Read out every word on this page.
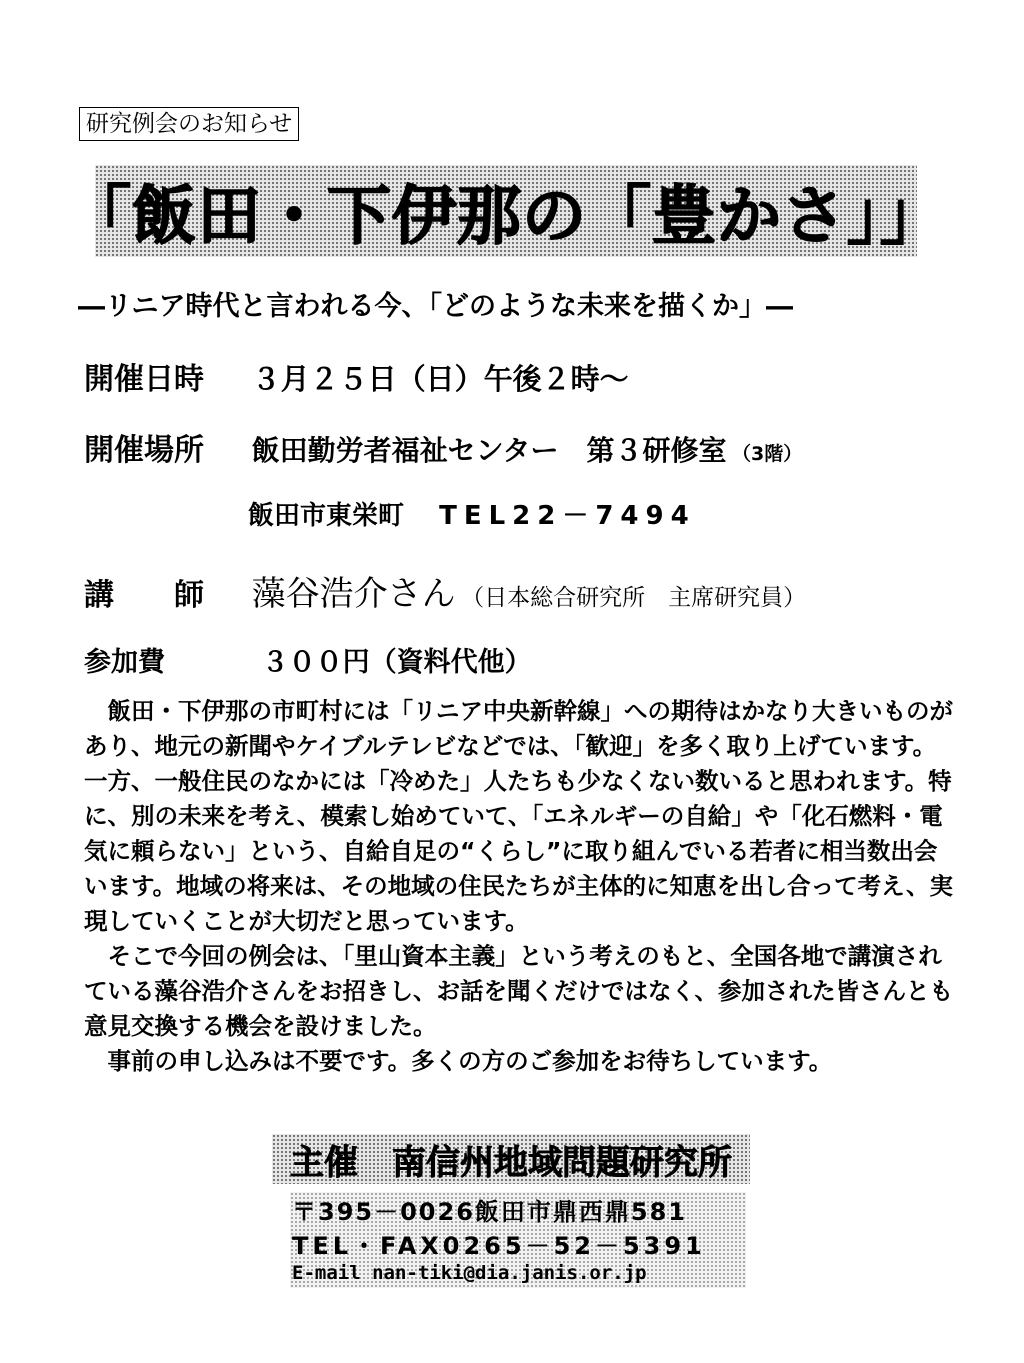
研究例会のお知らせ
「飯田・下伊那の「豊かさ」」
―リニア時代と言われる今、「どのような未来を描くか」―
開催日時 ３月２５日（日）午後２時～
開催場所 飯田勤労者福祉センター　第３研修室 （3階）
飯田市東栄町 TEL22－7494
講　　師 藻谷浩介さん （日本総合研究所　主席研究員）
参加費	３００円（資料代他）

飯田・下伊那の市町村には「リニア中央新幹線」への期待はかなり大きいものがあり、地元の新聞やケイブルテレビなどでは、「歓迎」を多く取り上げています。一方、一般住民のなかには「冷めた」人たちも少なくない数いると思われます。特に、別の未来を考え、模索し始めていて、「エネルギーの自給」や「化石燃料・電気に頼らない」という、自給自足の“くらし”に取り組んでいる若者に相当数出会います。地域の将来は、その地域の住民たちが主体的に知恵を出し合って考え、実現していくことが大切だと思っています。

そこで今回の例会は、「里山資本主義」という考えのもと、全国各地で講演されている藻谷浩介さんをお招きし、お話を聞くだけではなく、参加された皆さんとも意見交換する機会を設けました。

事前の申し込みは不要です。多くの方のご参加をお待ちしています。

主催　南信州地域問題研究所
〒395－0026飯田市鼎西鼎581
TEL・FAX0265－52－5391
E-mail nan-tiki@dia.janis.or.jp
